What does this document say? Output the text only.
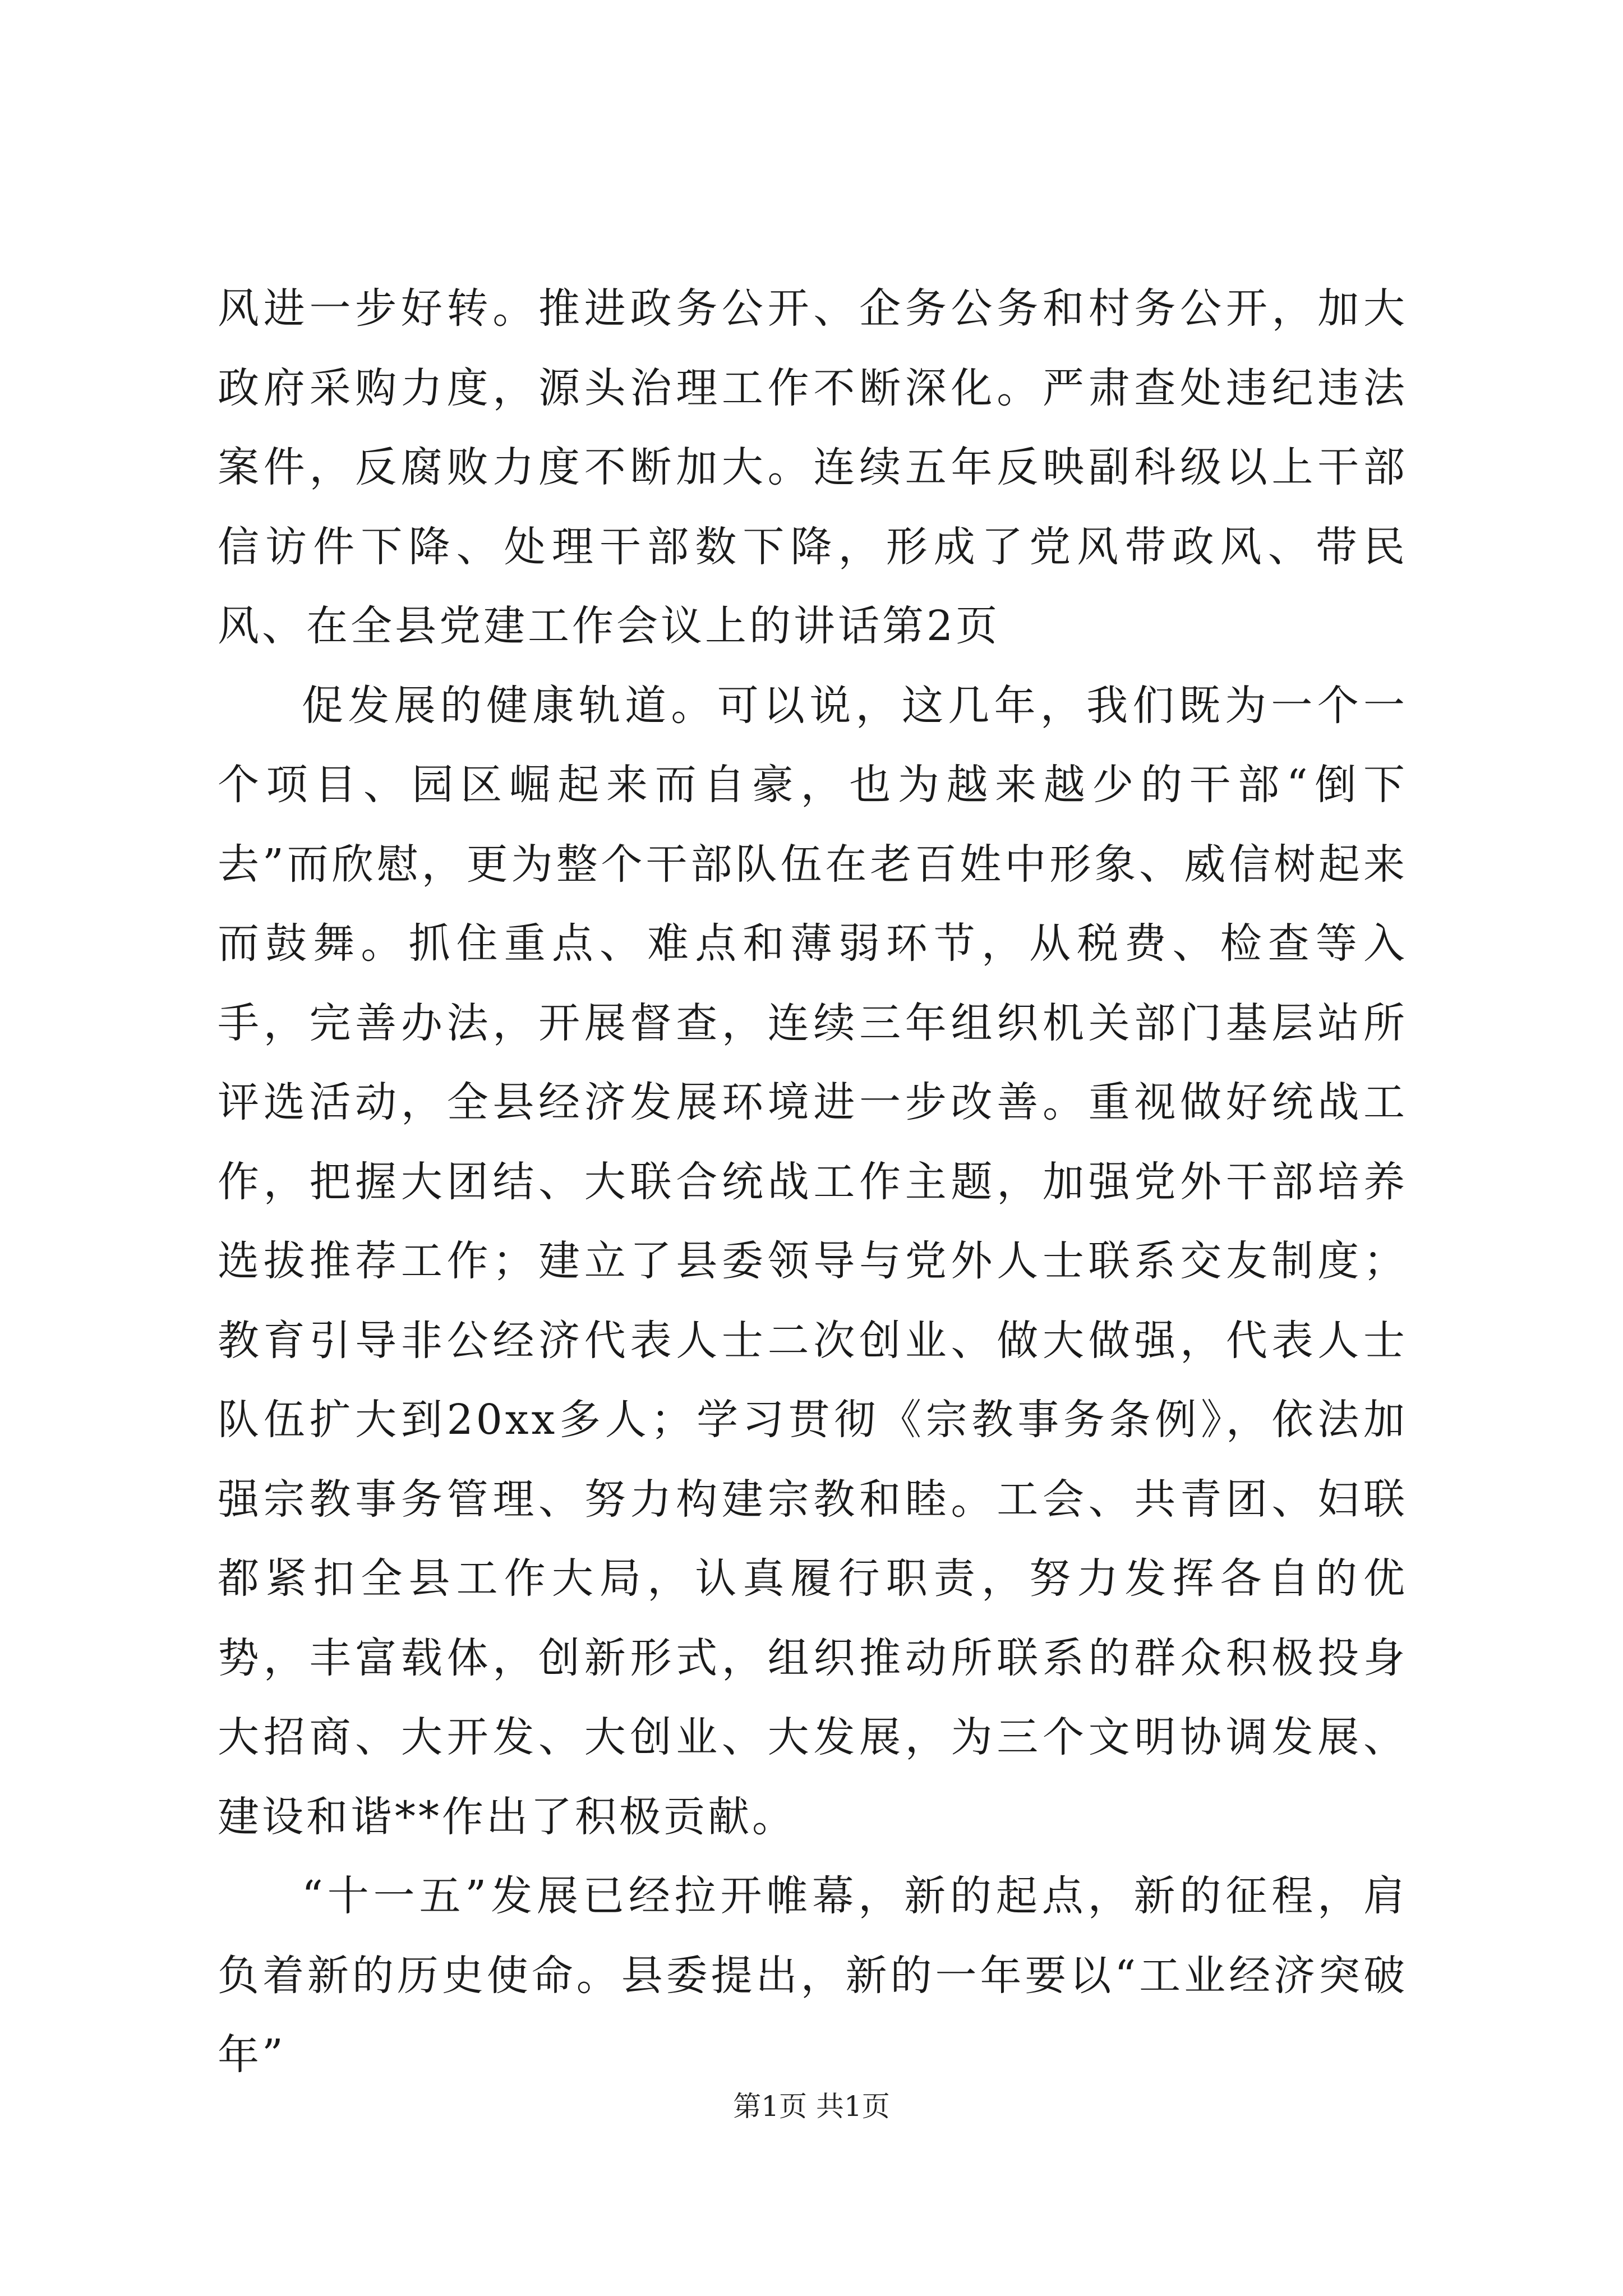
风进一步好转。推进政务公开、企务公务和村务公开，加大政府采购力度，源头治理工作不断深化。严肃查处违纪违法案件，反腐败力度不断加大。连续五年反映副科级以上干部信访件下降、处理干部数下降，形成了党风带政风、带民风、在全县党建工作会议上的讲话第2页

促发展的健康轨道。可以说，这几年，我们既为一个一个项目、园区崛起来而自豪，也为越来越少的干部“倒下去”而欣慰，更为整个干部队伍在老百姓中形象、威信树起来而鼓舞。抓住重点、难点和薄弱环节，从税费、检查等入手，完善办法，开展督查，连续三年组织机关部门基层站所评选活动，全县经济发展环境进一步改善。重视做好统战工作，把握大团结、大联合统战工作主题，加强党外干部培养选拔推荐工作；建立了县委领导与党外人士联系交友制度；教育引导非公经济代表人士二次创业、做大做强，代表人士队伍扩大到20xx多人；学习贯彻《宗教事务条例》，依法加强宗教事务管理、努力构建宗教和睦。工会、共青团、妇联都紧扣全县工作大局，认真履行职责，努力发挥各自的优势，丰富载体，创新形式，组织推动所联系的群众积极投身大招商、大开发、大创业、大发展，为三个文明协调发展、建设和谐**作出了积极贡献。

“十一五”发展已经拉开帷幕，新的起点，新的征程，肩负着新的历史使命。县委提出，新的一年要以“工业经济突破年”

第1页 共1页
